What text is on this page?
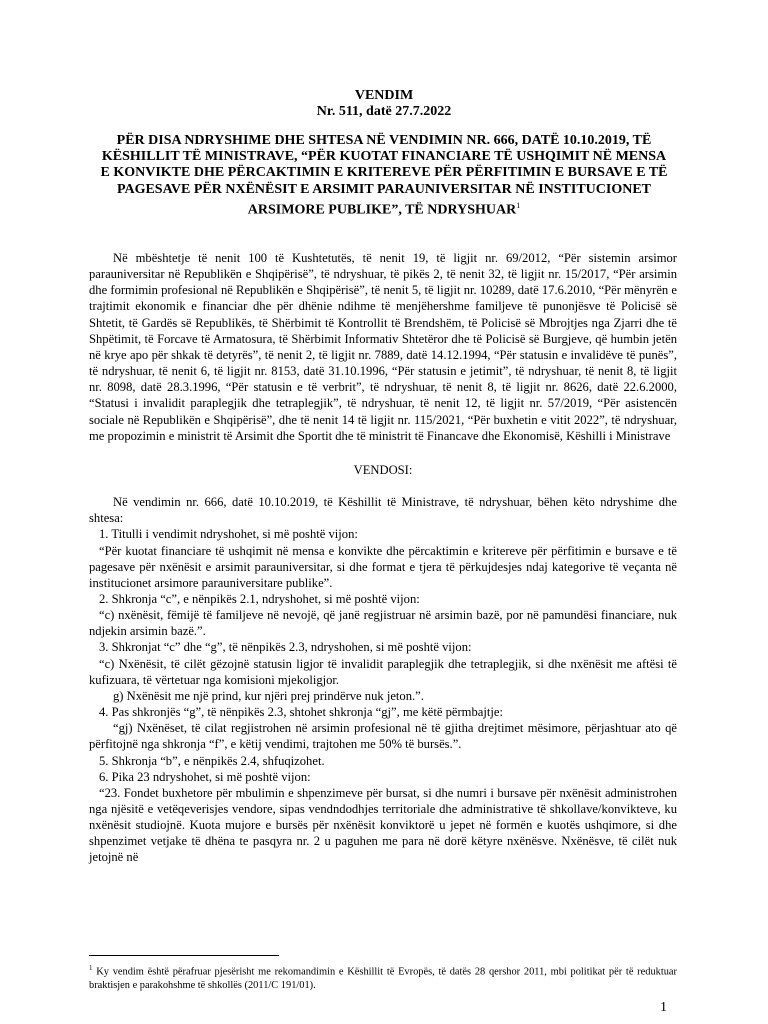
VENDIM
Nr. 511, datë 27.7.2022
PËR DISA NDRYSHIME DHE SHTESA NË VENDIMIN NR. 666, DATË 10.10.2019, TË KËSHILLIT TË MINISTRAVE, “PËR KUOTAT FINANCIARE TË USHQIMIT NË MENSA E KONVIKTE DHE PËRCAKTIMIN E KRITEREVE PËR PËRFITIMIN E BURSAVE E TË PAGESAVE PËR NXËNËSIT E ARSIMIT PARAUNIVERSITAR NË INSTITUCIONET ARSIMORE PUBLIKE”, TË NDRYSHUAR$^1$

Në mbështetje të nenit 100 të Kushtetutës, të nenit 19, të ligjit nr. 69/2012, “Për sistemin arsimor parauniversitar në Republikën e Shqipërisë”, të ndryshuar, të pikës 2, të nenit 32, të ligjit nr. 15/2017, “Për arsimin dhe formimin profesional në Republikën e Shqipërisë”, të nenit 5, të ligjit nr. 10289, datë 17.6.2010, “Për mënyrën e trajtimit ekonomik e financiar dhe për dhënie ndihme të menjëhershme familjeve të punonjësve të Policisë së Shtetit, të Gardës së Republikës, të Shërbimit të Kontrollit të Brendshëm, të Policisë së Mbrojtjes nga Zjarri dhe të Shpëtimit, të Forcave të Armatosura, të Shërbimit Informativ Shtetëror dhe të Policisë së Burgjeve, që humbin jetën në krye apo për shkak të detyrës”, të nenit 2, të ligjit nr. 7889, datë 14.12.1994, “Për statusin e invalidëve të punës”, të ndryshuar, të nenit 6, të ligjit nr. 8153, datë 31.10.1996, “Për statusin e jetimit”, të ndryshuar, të nenit 8, të ligjit nr. 8098, datë 28.3.1996, “Për statusin e të verbrit”, të ndryshuar, të nenit 8, të ligjit nr. 8626, datë 22.6.2000, “Statusi i invalidit paraplegjik dhe tetraplegjik”, të ndryshuar, të nenit 12, të ligjit nr. 57/2019, “Për asistencën sociale në Republikën e Shqipërisë”, dhe të nenit 14 të ligjit nr. 115/2021, “Për buxhetin e vitit 2022”, të ndryshuar, me propozimin e ministrit të Arsimit dhe Sportit dhe të ministrit të Financave dhe Ekonomisë, Këshilli i Ministrave

VENDOSI:

Në vendimin nr. 666, datë 10.10.2019, të Këshillit të Ministrave, të ndryshuar, bëhen këto ndryshime dhe shtesa:

1. Titulli i vendimit ndryshohet, si më poshtë vijon:

“Për kuotat financiare të ushqimit në mensa e konvikte dhe përcaktimin e kritereve për përfitimin e bursave e të pagesave për nxënësit e arsimit parauniversitar, si dhe format e tjera të përkujdesjes ndaj kategorive të veçanta në institucionet arsimore parauniversitare publike”.

2. Shkronja “c”, e nënpikës 2.1, ndryshohet, si më poshtë vijon:

“c) nxënësit, fëmijë të familjeve në nevojë, që janë regjistruar në arsimin bazë, por në pamundësi financiare, nuk ndjekin arsimin bazë.”.

3. Shkronjat “c” dhe “g”, të nënpikës 2.3, ndryshohen, si më poshtë vijon:

“c) Nxënësit, të cilët gëzojnë statusin ligjor të invalidit paraplegjik dhe tetraplegjik, si dhe nxënësit me aftësi të kufizuara, të vërtetuar nga komisioni mjekoligjor.

g) Nxënësit me një prind, kur njëri prej prindërve nuk jeton.”.

4. Pas shkronjës “g”, të nënpikës 2.3, shtohet shkronja “gj”, me këtë përmbajtje:

“gj) Nxënëset, të cilat regjistrohen në arsimin profesional në të gjitha drejtimet mësimore, përjashtuar ato që përfitojnë nga shkronja “f”, e këtij vendimi, trajtohen me 50% të bursës.”.

5. Shkronja “b”, e nënpikës 2.4, shfuqizohet.

6. Pika 23 ndryshohet, si më poshtë vijon:

“23. Fondet buxhetore për mbulimin e shpenzimeve për bursat, si dhe numri i bursave për nxënësit administrohen nga njësitë e vetëqeverisjes vendore, sipas vendndodhjes territoriale dhe administrative të shkollave/konvikteve, ku nxënësit studiojnë. Kuota mujore e bursës për nxënësit konviktorë u jepet në formën e kuotës ushqimore, si dhe shpenzimet vetjake të dhëna te pasqyra nr. 2 u paguhen me para në dorë këtyre nxënësve. Nxënësve, të cilët nuk jetojnë në

$^1$ Ky vendim është përafruar pjesërisht me rekomandimin e Këshillit të Evropës, të datës 28 qershor 2011, mbi politikat për të reduktuar braktisjen e parakohshme të shkollës (2011/C 191/01).
1
